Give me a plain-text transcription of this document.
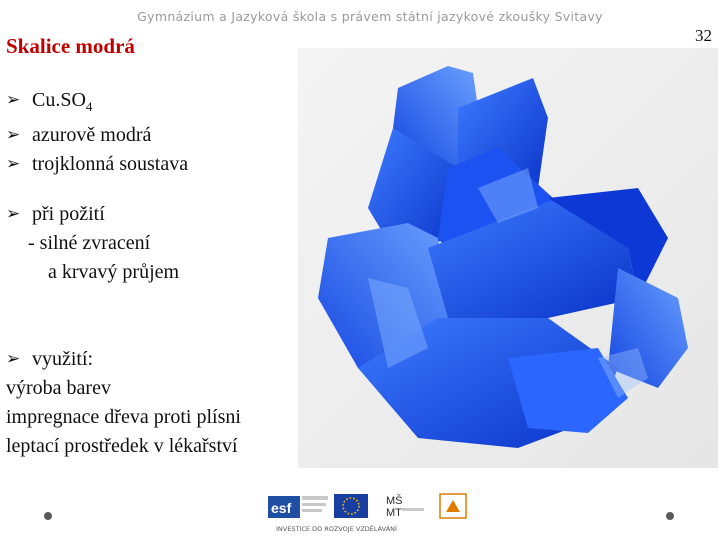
Gymnázium a Jazyková škola s právem státní jazykové zkoušky Svitavy
32
Skalice modrá
➢ $Cu.SO_4$
➢ azurově modrá
➢ trojklonná soustava
➢ při požití
- silné zvracení
a krvavý průjem
➢ využití:
výroba barev
impregnace dřeva proti plísni
leptací prostředek v lékařství
esf	MŠ
MT
INVESTICE DO ROZVOJE VZDĚLÁVÁNÍ
